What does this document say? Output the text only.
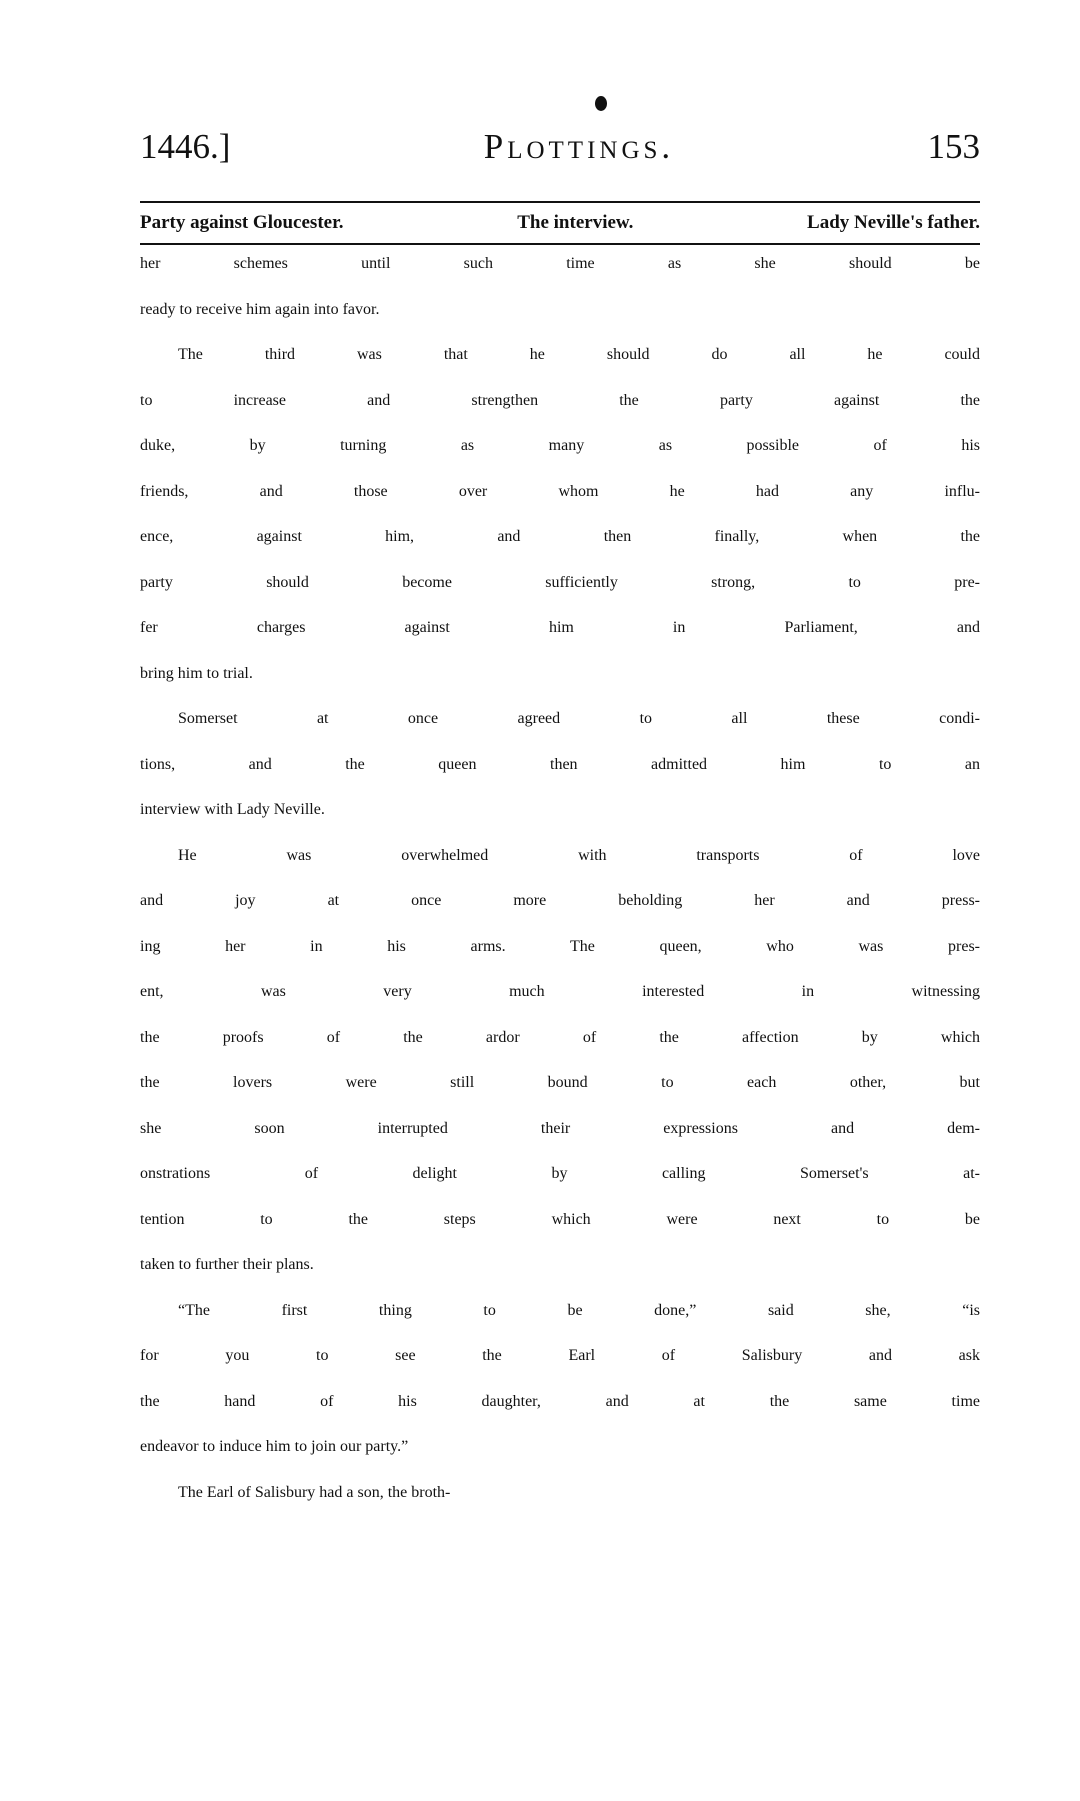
1446.]	Plottings.	153
Party against Gloucester.	The interview.	Lady Neville's father.
her schemes until such time as she should be
ready to receive him again into favor.
The third was that he should do all he could
to increase and strengthen the party against the
duke, by turning as many as possible of his
friends, and those over whom he had any influ-
ence, against him, and then finally, when the
party should become sufficiently strong, to pre-
fer charges against him in Parliament, and
bring him to trial.
Somerset at once agreed to all these condi-
tions, and the queen then admitted him to an
interview with Lady Neville.
He was overwhelmed with transports of love
and joy at once more beholding her and press-
ing her in his arms. The queen, who was pres-
ent, was very much interested in witnessing
the proofs of the ardor of the affection by which
the lovers were still bound to each other, but
she soon interrupted their expressions and dem-
onstrations of delight by calling Somerset's at-
tention to the steps which were next to be
taken to further their plans.
“The first thing to be done,” said she, “is
for you to see the Earl of Salisbury and ask
the hand of his daughter, and at the same time
endeavor to induce him to join our party.”
The Earl of Salisbury had a son, the broth-
